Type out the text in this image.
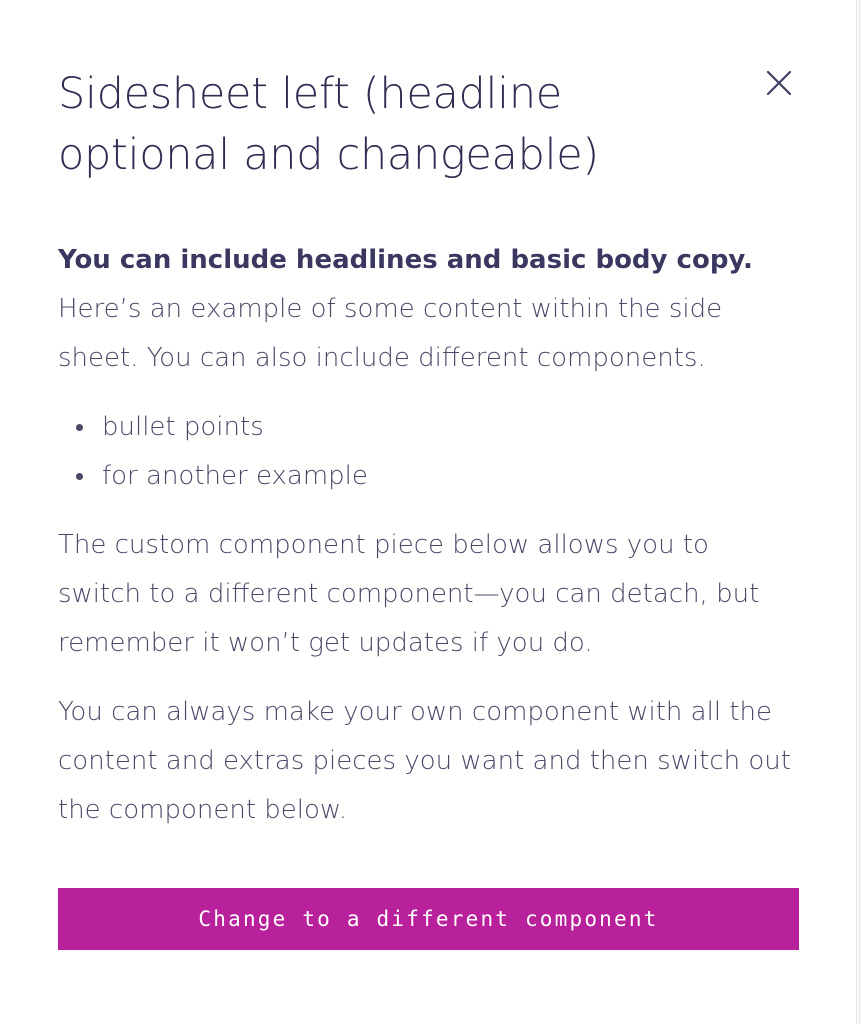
Sidesheet left (headline optional and changeable)

You can include headlines and basic body copy. Here’s an example of some content within the side sheet. You can also include different components.

bullet points
for another example

The custom component piece below allows you to switch to a different component—you can detach, but remember it won’t get updates if you do.

You can always make your own component with all the content and extras pieces you want and then switch out the component below.

Change to a different component
